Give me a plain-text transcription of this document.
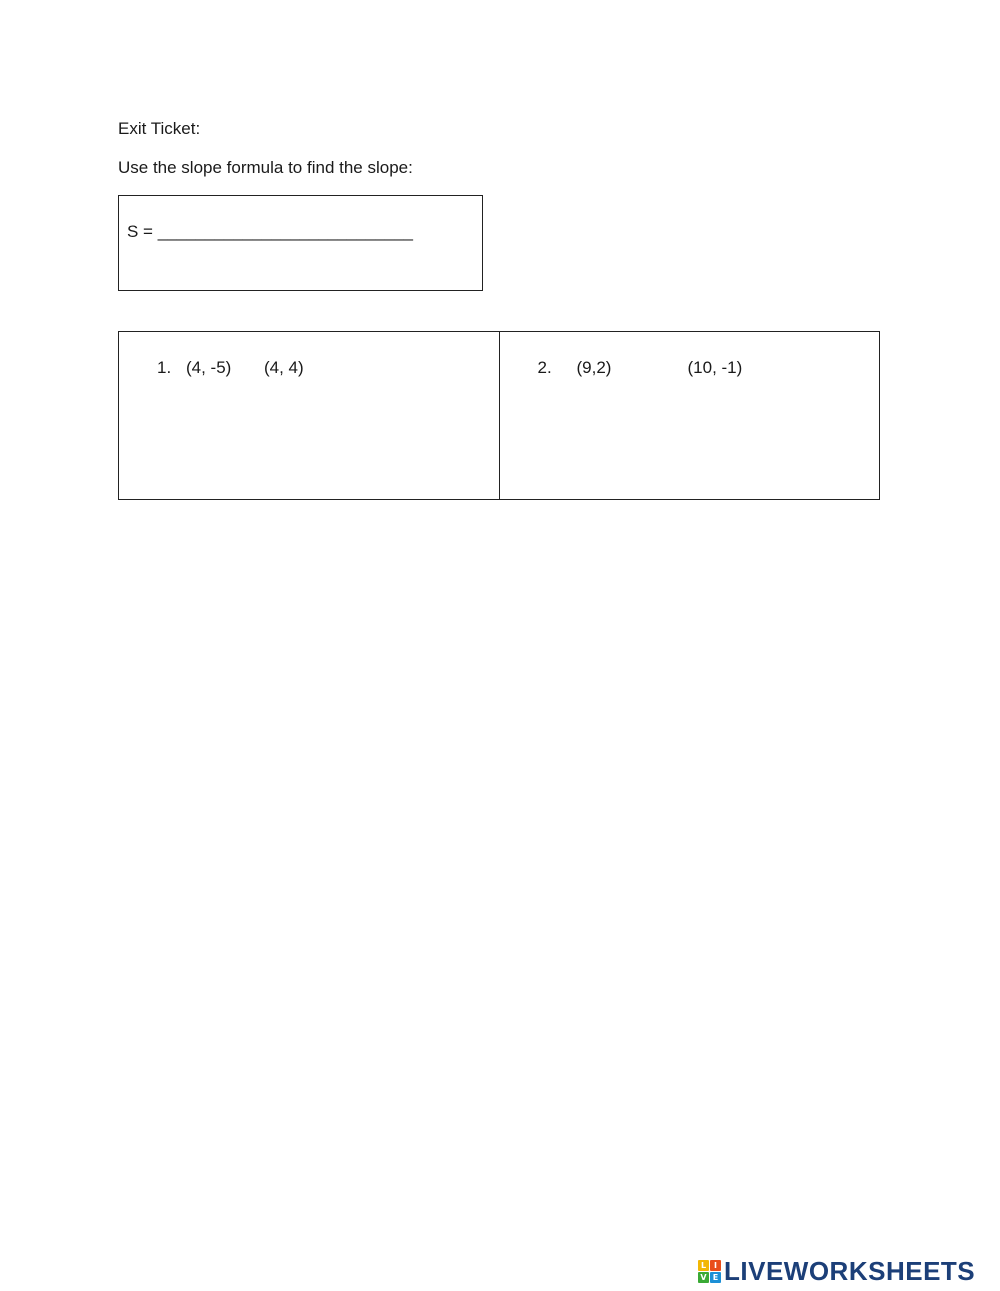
Exit Ticket:
Use the slope formula to find the slope:
S = ___________________________
1. (4, -5) (4, 4)	2. (9,2)	(10, -1)
L I
V E LIVEWORKSHEETS
